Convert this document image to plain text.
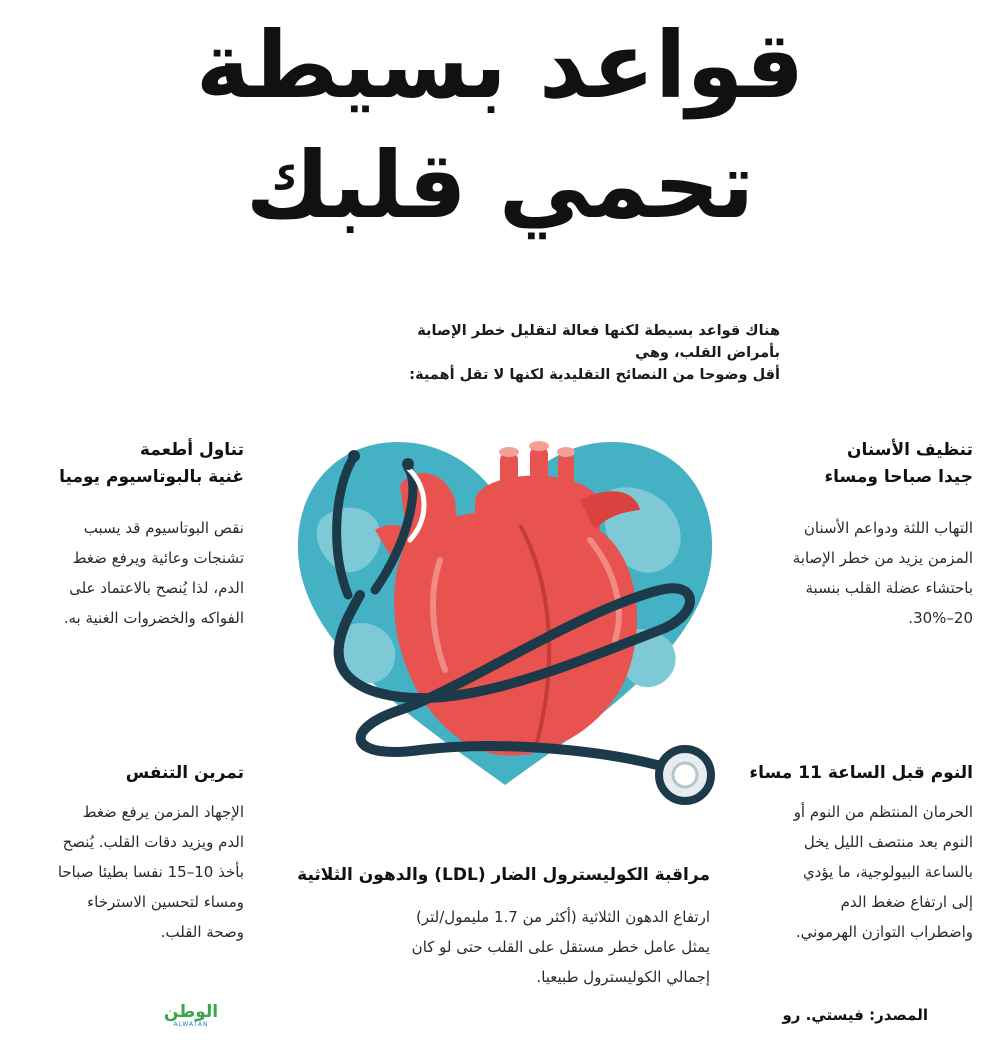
قواعد بسيطة
تحمي قلبك
هناك قواعد بسيطة لكنها فعالة لتقليل خطر الإصابة بأمراض القلب، وهي
أقل وضوحا من النصائح التقليدية لكنها لا تقل أهمية:
تنظيف الأسنان
جيدا صباحا ومساء
التهاب اللثة ودواعم الأسنان
المزمن يزيد من خطر الإصابة
باحتشاء عضلة القلب بنسبة
20–30%.
تناول أطعمة
غنية بالبوتاسيوم يوميا
نقص البوتاسيوم قد يسبب
تشنجات وعائية ويرفع ضغط
الدم، لذا يُنصح بالاعتماد على
الفواكه والخضروات الغنية به.
النوم قبل الساعة 11 مساء
الحرمان المنتظم من النوم أو
النوم بعد منتصف الليل يخل
بالساعة البيولوجية، ما يؤدي
إلى ارتفاع ضغط الدم
واضطراب التوازن الهرموني.
تمرين التنفس
الإجهاد المزمن يرفع ضغط
الدم ويزيد دقات القلب. يُنصح
بأخذ 10–15 نفسا بطيئا صباحا
ومساء لتحسين الاسترخاء
وصحة القلب.
مراقبة الكوليسترول الضار (LDL) والدهون الثلاثية
ارتفاع الدهون الثلاثية (أكثر من 1.7 مليمول/لتر)
يمثل عامل خطر مستقل على القلب حتى لو كان
إجمالي الكوليسترول طبيعيا.
المصدر: فيستي. رو
الوطن
ALWATAN
